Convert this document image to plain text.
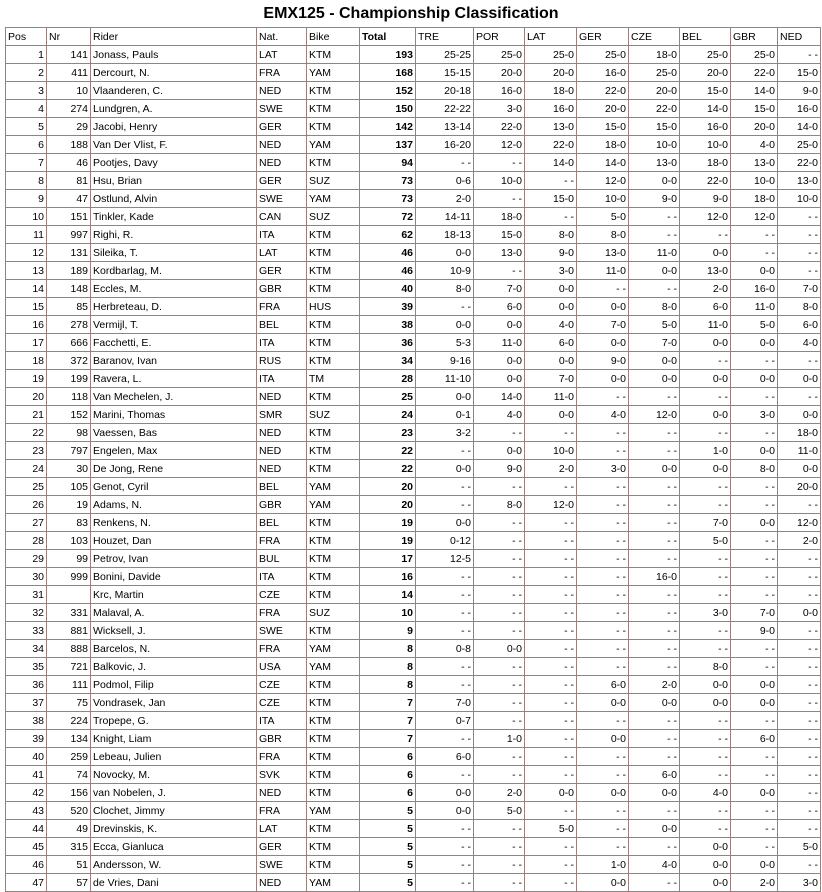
EMX125 - Championship Classification
Pos	Nr	Rider	Nat.	Bike	Total	TRE	POR	LAT	GER	CZE	BEL	GBR	NED
1	141	Jonass, Pauls	LAT	KTM	193	25-25	25-0	25-0	25-0	18-0	25-0	25-0	- -
2	411	Dercourt, N.	FRA	YAM	168	15-15	20-0	20-0	16-0	25-0	20-0	22-0	15-0
3	10	Vlaanderen, C.	NED	KTM	152	20-18	16-0	18-0	22-0	20-0	15-0	14-0	9-0
4	274	Lundgren, A.	SWE	KTM	150	22-22	3-0	16-0	20-0	22-0	14-0	15-0	16-0
5	29	Jacobi, Henry	GER	KTM	142	13-14	22-0	13-0	15-0	15-0	16-0	20-0	14-0
6	188	Van Der Vlist, F.	NED	YAM	137	16-20	12-0	22-0	18-0	10-0	10-0	4-0	25-0
7	46	Pootjes, Davy	NED	KTM	94	- -	- -	14-0	14-0	13-0	18-0	13-0	22-0
8	81	Hsu, Brian	GER	SUZ	73	0-6	10-0	- -	12-0	0-0	22-0	10-0	13-0
9	47	Ostlund, Alvin	SWE	YAM	73	2-0	- -	15-0	10-0	9-0	9-0	18-0	10-0
10	151	Tinkler, Kade	CAN	SUZ	72	14-11	18-0	- -	5-0	- -	12-0	12-0	- -
11	997	Righi, R.	ITA	KTM	62	18-13	15-0	8-0	8-0	- -	- -	- -	- -
12	131	Sileika, T.	LAT	KTM	46	0-0	13-0	9-0	13-0	11-0	0-0	- -	- -
13	189	Kordbarlag, M.	GER	KTM	46	10-9	- -	3-0	11-0	0-0	13-0	0-0	- -
14	148	Eccles, M.	GBR	KTM	40	8-0	7-0	0-0	- -	- -	2-0	16-0	7-0
15	85	Herbreteau, D.	FRA	HUS	39	- -	6-0	0-0	0-0	8-0	6-0	11-0	8-0
16	278	Vermijl, T.	BEL	KTM	38	0-0	0-0	4-0	7-0	5-0	11-0	5-0	6-0
17	666	Facchetti, E.	ITA	KTM	36	5-3	11-0	6-0	0-0	7-0	0-0	0-0	4-0
18	372	Baranov, Ivan	RUS	KTM	34	9-16	0-0	0-0	9-0	0-0	- -	- -	- -
19	199	Ravera, L.	ITA	TM	28	11-10	0-0	7-0	0-0	0-0	0-0	0-0	0-0
20	118	Van Mechelen, J.	NED	KTM	25	0-0	14-0	11-0	- -	- -	- -	- -	- -
21	152	Marini, Thomas	SMR	SUZ	24	0-1	4-0	0-0	4-0	12-0	0-0	3-0	0-0
22	98	Vaessen, Bas	NED	KTM	23	3-2	- -	- -	- -	- -	- -	- -	18-0
23	797	Engelen, Max	NED	KTM	22	- -	0-0	10-0	- -	- -	1-0	0-0	11-0
24	30	De Jong, Rene	NED	KTM	22	0-0	9-0	2-0	3-0	0-0	0-0	8-0	0-0
25	105	Genot, Cyril	BEL	YAM	20	- -	- -	- -	- -	- -	- -	- -	20-0
26	19	Adams, N.	GBR	YAM	20	- -	8-0	12-0	- -	- -	- -	- -	- -
27	83	Renkens, N.	BEL	KTM	19	0-0	- -	- -	- -	- -	7-0	0-0	12-0
28	103	Houzet, Dan	FRA	KTM	19	0-12	- -	- -	- -	- -	5-0	- -	2-0
29	99	Petrov, Ivan	BUL	KTM	17	12-5	- -	- -	- -	- -	- -	- -	- -
30	999	Bonini, Davide	ITA	KTM	16	- -	- -	- -	- -	16-0	- -	- -	- -
31		Krc, Martin	CZE	KTM	14	- -	- -	- -	- -	- -	- -	- -	- -
32	331	Malaval, A.	FRA	SUZ	10	- -	- -	- -	- -	- -	3-0	7-0	0-0
33	881	Wicksell, J.	SWE	KTM	9	- -	- -	- -	- -	- -	- -	9-0	- -
34	888	Barcelos, N.	FRA	YAM	8	0-8	0-0	- -	- -	- -	- -	- -	- -
35	721	Balkovic, J.	USA	YAM	8	- -	- -	- -	- -	- -	8-0	- -	- -
36	111	Podmol, Filip	CZE	KTM	8	- -	- -	- -	6-0	2-0	0-0	0-0	- -
37	75	Vondrasek, Jan	CZE	KTM	7	7-0	- -	- -	0-0	0-0	0-0	0-0	- -
38	224	Tropepe, G.	ITA	KTM	7	0-7	- -	- -	- -	- -	- -	- -	- -
39	134	Knight, Liam	GBR	KTM	7	- -	1-0	- -	0-0	- -	- -	6-0	- -
40	259	Lebeau, Julien	FRA	KTM	6	6-0	- -	- -	- -	- -	- -	- -	- -
41	74	Novocky, M.	SVK	KTM	6	- -	- -	- -	- -	6-0	- -	- -	- -
42	156	van Nobelen, J.	NED	KTM	6	0-0	2-0	0-0	0-0	0-0	4-0	0-0	- -
43	520	Clochet, Jimmy	FRA	YAM	5	0-0	5-0	- -	- -	- -	- -	- -	- -
44	49	Drevinskis, K.	LAT	KTM	5	- -	- -	5-0	- -	0-0	- -	- -	- -
45	315	Ecca, Gianluca	GER	KTM	5	- -	- -	- -	- -	- -	0-0	- -	5-0
46	51	Andersson, W.	SWE	KTM	5	- -	- -	- -	1-0	4-0	0-0	0-0	- -
47	57	de Vries, Dani	NED	YAM	5	- -	- -	- -	0-0	- -	0-0	2-0	3-0
